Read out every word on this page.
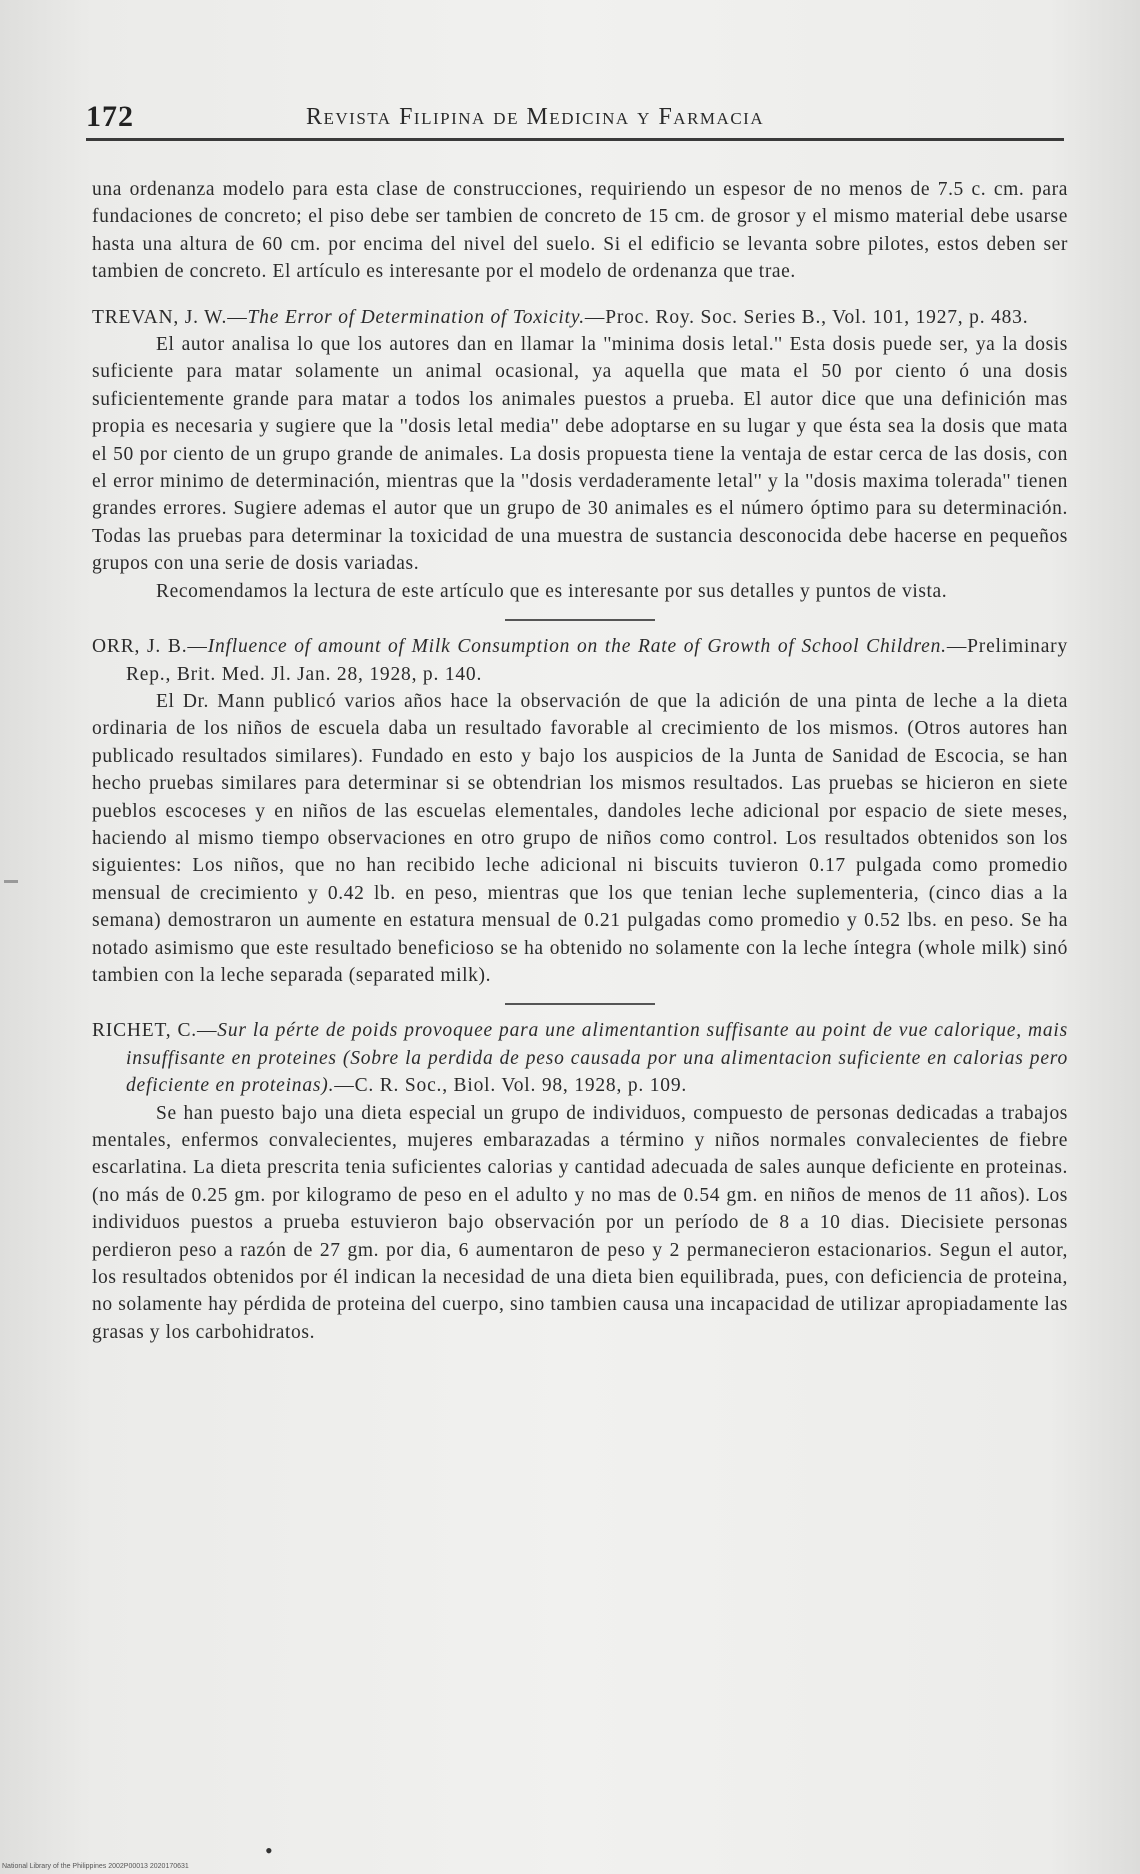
172	Revista Filipina de Medicina y Farmacia

una ordenanza modelo para esta clase de construcciones, requiriendo un espesor de no menos de 7.5 c. cm. para fundaciones de concreto; el piso debe ser tambien de concreto de 15 cm. de grosor y el mismo material debe usarse hasta una altura de 60 cm. por encima del nivel del suelo. Si el edificio se levanta sobre pilotes, estos deben ser tambien de concreto. El artículo es interesante por el modelo de ordenanza que trae.

TREVAN, J. W.—The Error of Determination of Toxicity.—Proc. Roy. Soc. Series B., Vol. 101, 1927, p. 483.

El autor analisa lo que los autores dan en llamar la ''minima dosis letal.'' Esta dosis puede ser, ya la dosis suficiente para matar solamente un animal ocasional, ya aquella que mata el 50 por ciento ó una dosis suficientemente grande para matar a todos los animales puestos a prueba. El autor dice que una definición mas propia es necesaria y sugiere que la ''dosis letal media'' debe adoptarse en su lugar y que ésta sea la dosis que mata el 50 por ciento de un grupo grande de animales. La dosis propuesta tiene la ventaja de estar cerca de las dosis, con el error minimo de determinación, mientras que la ''dosis verdaderamente letal'' y la ''dosis maxima tolerada'' tienen grandes errores. Sugiere ademas el autor que un grupo de 30 animales es el número óptimo para su determinación. Todas las pruebas para determinar la toxicidad de una muestra de sustancia desconocida debe hacerse en pequeños grupos con una serie de dosis variadas.

Recomendamos la lectura de este artículo que es interesante por sus detalles y puntos de vista.

ORR, J. B.—Influence of amount of Milk Consumption on the Rate of Growth of School Children.—Preliminary Rep., Brit. Med. Jl. Jan. 28, 1928, p. 140.

El Dr. Mann publicó varios años hace la observación de que la adición de una pinta de leche a la dieta ordinaria de los niños de escuela daba un resultado favorable al crecimiento de los mismos. (Otros autores han publicado resultados similares). Fundado en esto y bajo los auspicios de la Junta de Sanidad de Escocia, se han hecho pruebas similares para determinar si se obtendrian los mismos resultados. Las pruebas se hicieron en siete pueblos escoceses y en niños de las escuelas elementales, dandoles leche adicional por espacio de siete meses, haciendo al mismo tiempo observaciones en otro grupo de niños como control. Los resultados obtenidos son los siguientes: Los niños, que no han recibido leche adicional ni biscuits tuvieron 0.17 pulgada como promedio mensual de crecimiento y 0.42 lb. en peso, mientras que los que tenian leche suplementeria, (cinco dias a la semana) demostraron un aumente en estatura mensual de 0.21 pulgadas como promedio y 0.52 lbs. en peso. Se ha notado asimismo que este resultado beneficioso se ha obtenido no solamente con la leche íntegra (whole milk) sinó tambien con la leche separada (separated milk).

RICHET, C.—Sur la pérte de poids provoquee para une alimentantion suffisante au point de vue calorique, mais insuffisante en proteines (Sobre la perdida de peso causada por una alimentacion suficiente en calorias pero deficiente en proteinas).—C. R. Soc., Biol. Vol. 98, 1928, p. 109.

Se han puesto bajo una dieta especial un grupo de individuos, compuesto de personas dedicadas a trabajos mentales, enfermos convalecientes, mujeres embarazadas a término y niños normales convalecientes de fiebre escarlatina. La dieta prescrita tenia suficientes calorias y cantidad adecuada de sales aunque deficiente en proteinas. (no más de 0.25 gm. por kilogramo de peso en el adulto y no mas de 0.54 gm. en niños de menos de 11 años). Los individuos puestos a prueba estuvieron bajo observación por un período de 8 a 10 dias. Diecisiete personas perdieron peso a razón de 27 gm. por dia, 6 aumentaron de peso y 2 permanecieron estacionarios. Segun el autor, los resultados obtenidos por él indican la necesidad de una dieta bien equilibrada, pues, con deficiencia de proteina, no solamente hay pérdida de proteina del cuerpo, sino tambien causa una incapacidad de utilizar apropiadamente las grasas y los carbohidratos.

•
National Library of the Philippines 2002P00013 2020170631
